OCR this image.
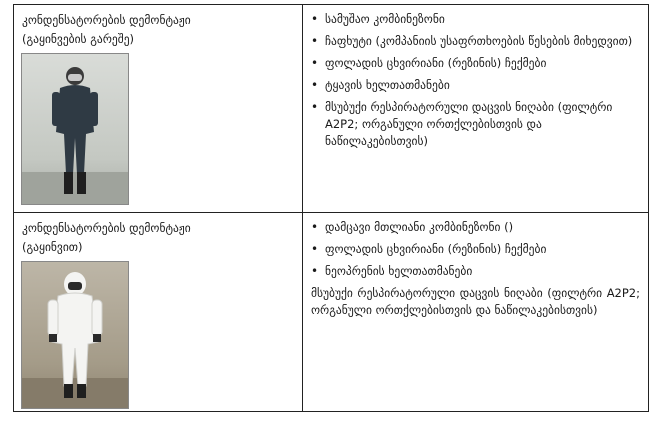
კონდენსატორების დემონტაჟი
(გაყინვების გარეშე)
• სამუშაო კომბინეზონი
• ჩაფხუტი (კომპანიის უსაფრთხოების წესების მიხედვით)
• ფოლადის ცხვირიანი (რეზინის) ჩექმები
• ტყავის ხელთათმანები
• მსუბუქი რესპირატორული დაცვის ნიღაბი (ფილტრი A2P2; ორგანული ორთქლებისთვის და ნაწილაკებისთვის)
კონდენსატორების დემონტაჟი
(გაყინვით)
• დამცავი მთლიანი კომბინეზონი ()
• ფოლადის ცხვირიანი (რეზინის) ჩექმები
• ნეოპრენის ხელთათმანები
მსუბუქი რესპირატორული დაცვის ნიღაბი (ფილტრი A2P2; ორგანული ორთქლებისთვის და ნაწილაკებისთვის)
